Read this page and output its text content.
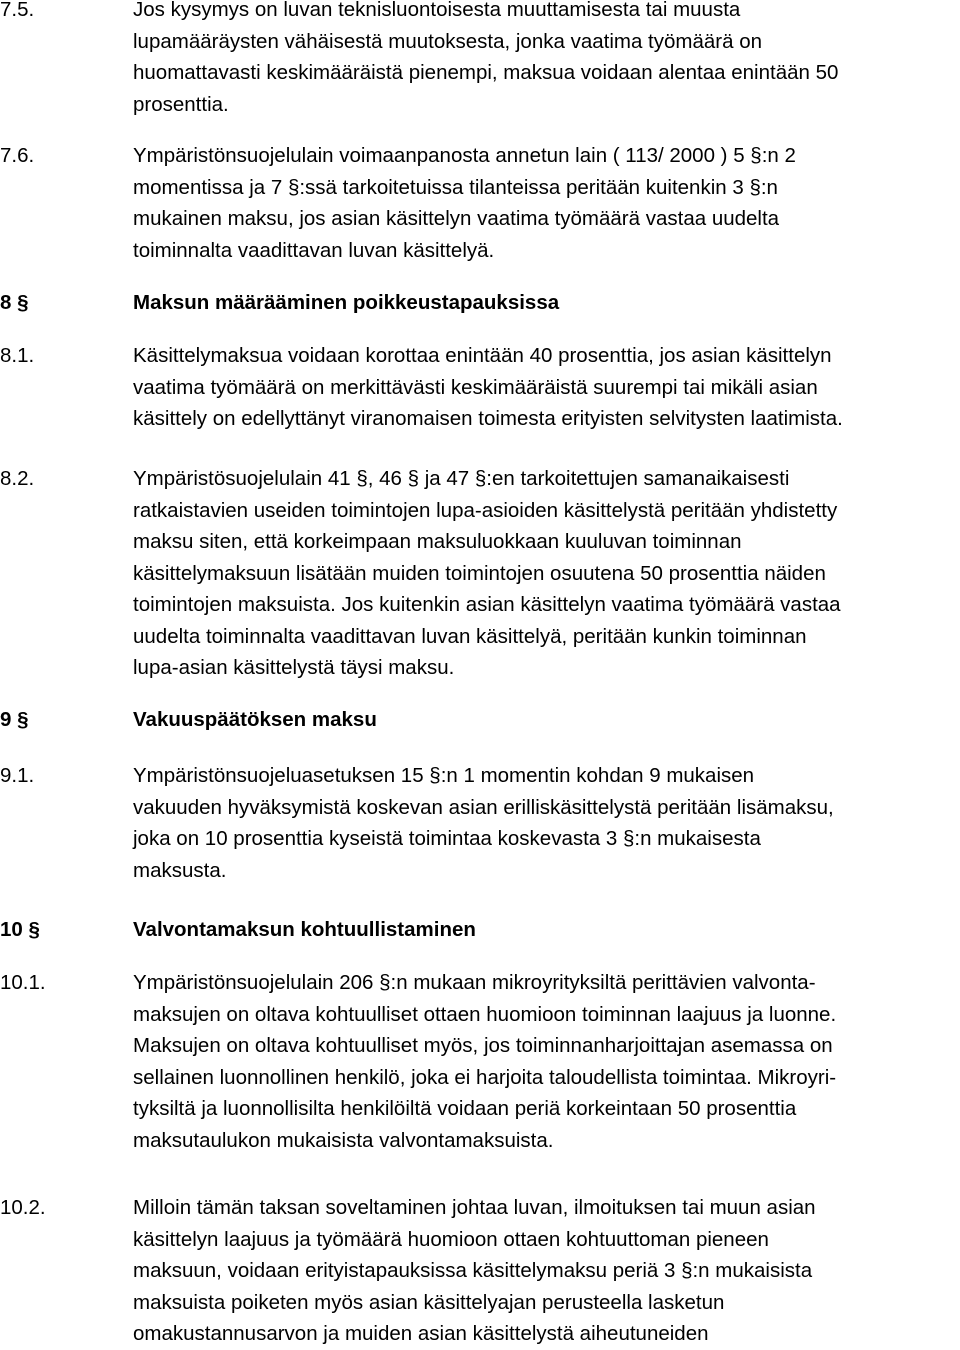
7.5.	Jos kysymys on luvan teknisluontoisesta muuttamisesta tai muusta
lupamääräysten vähäisestä muutoksesta, jonka vaatima työmäärä on
huomattavasti keskimääräistä pienempi, maksua voidaan alentaa enintään 50
prosenttia.
7.6.	Ympäristönsuojelulain voimaanpanosta annetun lain ( 113/ 2000 ) 5 §:n 2
momentissa ja 7 §:ssä tarkoitetuissa tilanteissa peritään kuitenkin 3 §:n
mukainen maksu, jos asian käsittelyn vaatima työmäärä vastaa uudelta
toiminnalta vaadittavan luvan käsittelyä.
8 §	Maksun määrääminen poikkeustapauksissa
8.1.	Käsittelymaksua voidaan korottaa enintään 40 prosenttia, jos asian käsittelyn
vaatima työmäärä on merkittävästi keskimääräistä suurempi tai mikäli asian
käsittely on edellyttänyt viranomaisen toimesta erityisten selvitysten laatimista.
8.2.	Ympäristösuojelulain 41 §, 46 § ja 47 §:en tarkoitettujen samanaikaisesti
ratkaistavien useiden toimintojen lupa-asioiden käsittelystä peritään yhdistetty
maksu siten, että korkeimpaan maksuluokkaan kuuluvan toiminnan
käsittelymaksuun lisätään muiden toimintojen osuutena 50 prosenttia näiden
toimintojen maksuista. Jos kuitenkin asian käsittelyn vaatima työmäärä vastaa
uudelta toiminnalta vaadittavan luvan käsittelyä, peritään kunkin toiminnan
lupa-asian käsittelystä täysi maksu.
9 §	Vakuuspäätöksen maksu
9.1.	Ympäristönsuojeluasetuksen 15 §:n 1 momentin kohdan 9 mukaisen
vakuuden hyväksymistä koskevan asian erilliskäsittelystä peritään lisämaksu,
joka on 10 prosenttia kyseistä toimintaa koskevasta 3 §:n mukaisesta
maksusta.
10 §	Valvontamaksun kohtuullistaminen
10.1.	Ympäristönsuojelulain 206 §:n mukaan mikroyrityksiltä perittävien valvonta-
maksujen on oltava kohtuulliset ottaen huomioon toiminnan laajuus ja luonne.
Maksujen on oltava kohtuulliset myös, jos toiminnanharjoittajan asemassa on
sellainen luonnollinen henkilö, joka ei harjoita taloudellista toimintaa. Mikroyri-
tyksiltä ja luonnollisilta henkilöiltä voidaan periä korkeintaan 50 prosenttia
maksutaulukon mukaisista valvontamaksuista.
10.2.	Milloin tämän taksan soveltaminen johtaa luvan, ilmoituksen tai muun asian
käsittelyn laajuus ja työmäärä huomioon ottaen kohtuuttoman pieneen
maksuun, voidaan erityistapauksissa käsittelymaksu periä 3 §:n mukaisista
maksuista poiketen myös asian käsittelyajan perusteella lasketun
omakustannusarvon ja muiden asian käsittelystä aiheutuneiden
